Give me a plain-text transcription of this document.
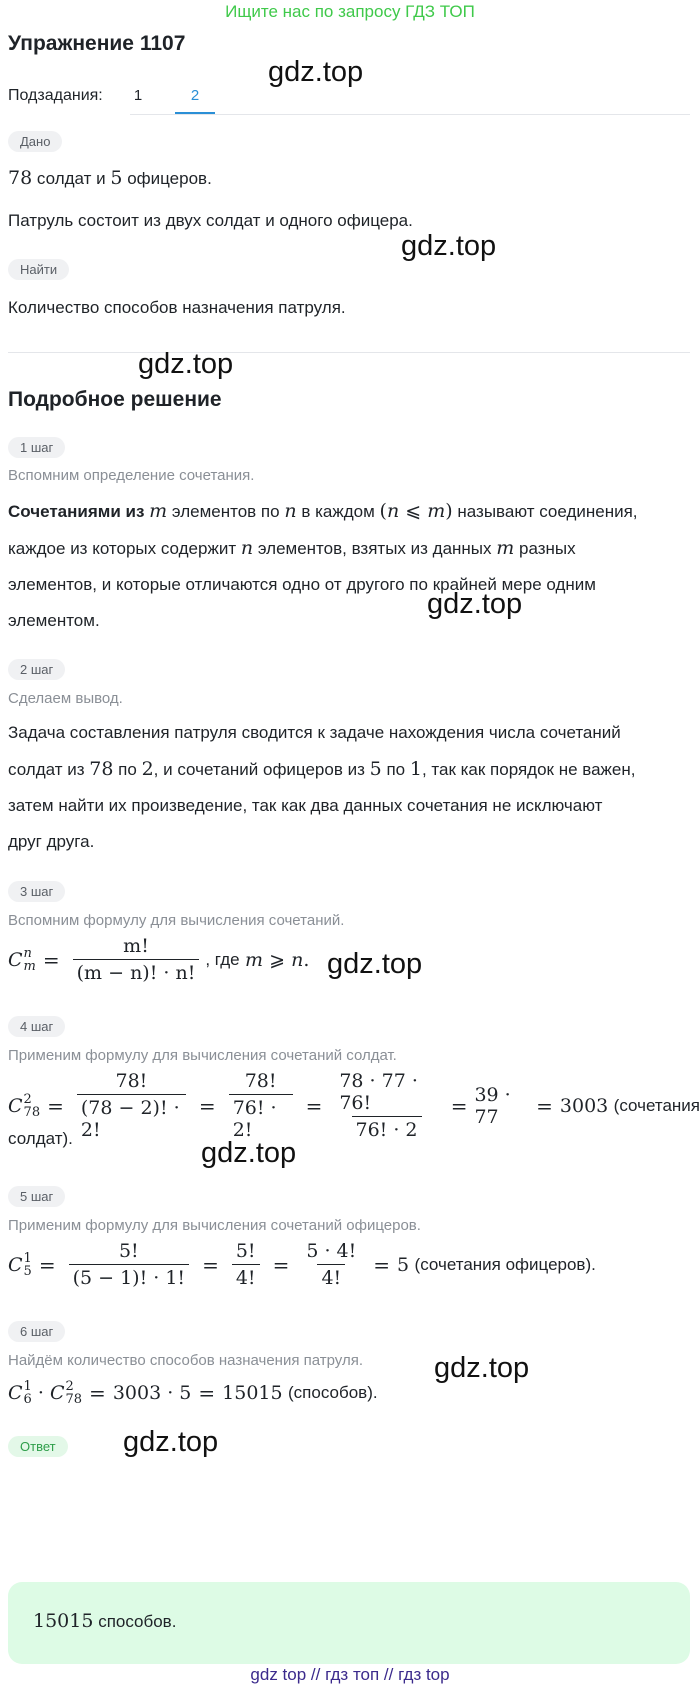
Ищите нас по запросу ГДЗ ТОП
Упражнение 1107
gdz.top
Подзадания:	1	2
Дано
78 солдат и 5 офицеров.
Патруль состоит из двух солдат и одного офицера.
gdz.top
Найти
Количество способов назначения патруля.
gdz.top
Подробное решение
1 шаг
Вспомним определение сочетания.
Сочетаниями из m элементов по n в каждом (n ⩽ m) называют соединения,
каждое из которых содержит n элементов, взятых из данных m разных
элементов, и которые отличаются одно от другого по крайней мере одним
элементом.
gdz.top
2 шаг
Сделаем вывод.
Задача составления патруля сводится к задаче нахождения числа сочетаний
солдат из 78 по 2, и сочетаний офицеров из 5 по 1, так как порядок не важен,
затем найти их произведение, так как два данных сочетания не исключают
друг друга.
3 шаг
Вспомним формулу для вычисления сочетаний.
C n
$m = \frac{m!}{(m - n)! \cdot n!}$ , где
m ⩾ n . gdz.top
4 шаг
Применим формулу для вычисления сочетаний солдат.
C 2
$78 = \frac{78!}{(78 - 2)! \cdot 2!} = \frac{78!}{76! \cdot 2!} = \frac{78 \cdot 77 \cdot 76!}{76! \cdot 2} = 39 \cdot 77$	= 3003
(сочетания
солдат).	gdz.top
5 шаг
Применим формулу для вычисления сочетаний офицеров.
C 1
$5 = \frac{5!}{(5 - 1)! \cdot 1!} = \frac{5!}{4!} = \frac{5 \cdot 4!}{4!} = 5$
(сочетания офицеров).
6 шаг
Найдём количество способов назначения патруля. gdz.top
C 1
6 · C 2
78 = 3003 · 5 = 15015
(способов).
Ответ	gdz.top
15015 способов.
gdz top // гдз топ // гдз top
